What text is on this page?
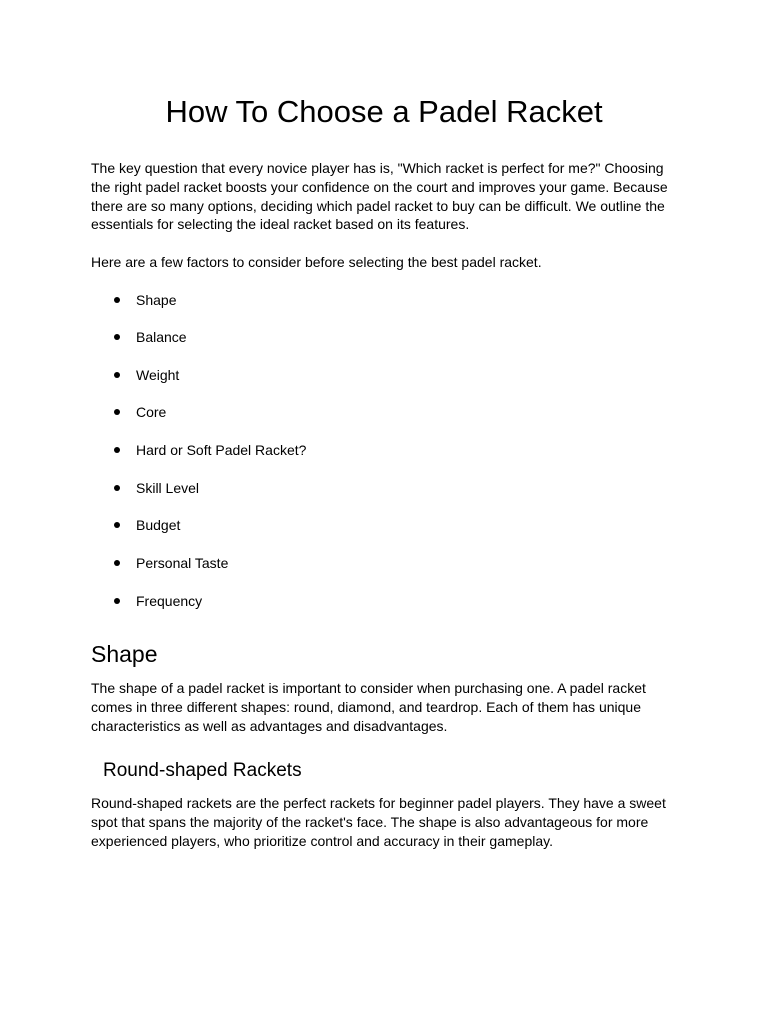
How To Choose a Padel Racket

The key question that every novice player has is, "Which racket is perfect for me?" Choosing the right padel racket boosts your confidence on the court and improves your game. Because there are so many options, deciding which padel racket to buy can be difficult. We outline the essentials for selecting the ideal racket based on its features.

Here are a few factors to consider before selecting the best padel racket.

Shape
Balance
Weight
Core
Hard or Soft Padel Racket?
Skill Level
Budget
Personal Taste
Frequency
Shape

The shape of a padel racket is important to consider when purchasing one. A padel racket comes in three different shapes: round, diamond, and teardrop. Each of them has unique characteristics as well as advantages and disadvantages.

Round-shaped Rackets

Round-shaped rackets are the perfect rackets for beginner padel players. They have a sweet spot that spans the majority of the racket's face. The shape is also advantageous for more experienced players, who prioritize control and accuracy in their gameplay.
